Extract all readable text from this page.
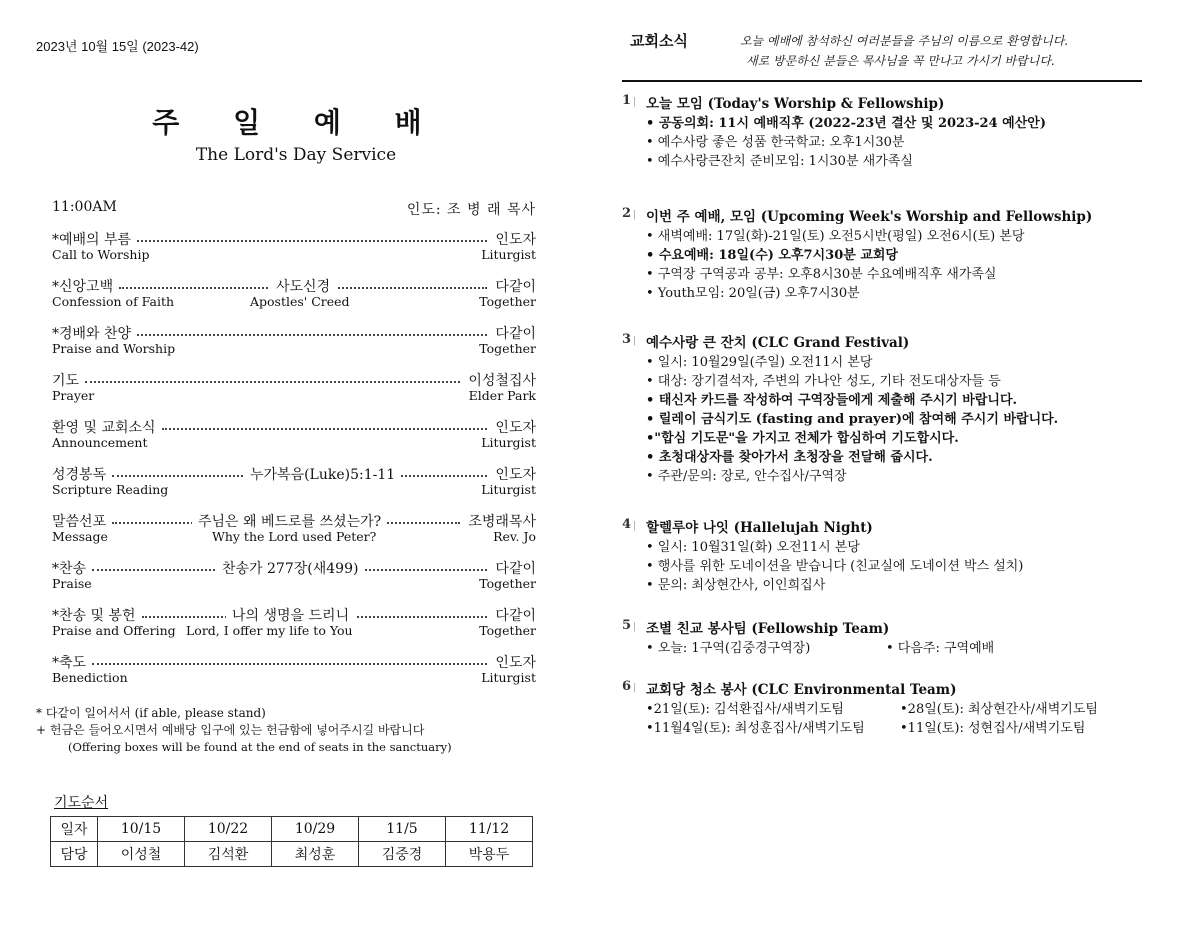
2023년 10월 15일 (2023-42)
주 일 예 배
The Lord's Day Service
11:00AM	인도: 조 병 래 목사
*예배의 부름	인도자
Call to Worship	Liturgist
*신앙고백	사도신경	다같이
Confession of Faith	Apostles' Creed	Together
*경배와 찬양	다같이
Praise and Worship	Together
기도	이성철집사
Prayer	Elder Park
환영 및 교회소식	인도자
Announcement	Liturgist
성경봉독	누가복음(Luke)5:1-11	인도자
Scripture Reading	Liturgist
말씀선포	주님은 왜 베드로를 쓰셨는가?	조병래목사
Message	Why the Lord used Peter?	Rev. Jo
*찬송	찬송가 277장(새499)	다같이
Praise	Together
*찬송 및 봉헌	나의 생명을 드리니	다같이
Praise and Offering Lord, I offer my life to You	Together
*축도	인도자
Benediction	Liturgist
* 다같이 일어서서 (if able, please stand)
+ 헌금은 들어오시면서 예배당 입구에 있는 헌금함에 넣어주시길 바랍니다
(Offering boxes will be found at the end of seats in the sanctuary)
기도순서
일자	10/15	10/22	10/29	11/5	11/12
담당	이성철	김석환	최성훈	김중경	박용두
교회소식	오늘 예배에 참석하신 여러분들을 주님의 이름으로 환영합니다.
새로 방문하신 분들은 목사님을 꼭 만나고 가시기 바랍니다.
1 | 오늘 모임 (Today's Worship & Fellowship)
• 공동의회: 11시 예배직후 (2022-23년 결산 및 2023-24 예산안)
• 예수사랑 좋은 성품 한국학교: 오후1시30분
• 예수사랑큰잔치 준비모임: 1시30분 새가족실
2 | 이번 주 예배, 모임 (Upcoming Week's Worship and Fellowship)
• 새벽예배: 17일(화)-21일(토) 오전5시반(평일) 오전6시(토) 본당
• 수요예배: 18일(수) 오후7시30분 교회당
• 구역장 구역공과 공부: 오후8시30분 수요예배직후 새가족실
• Youth모임: 20일(금) 오후7시30분
3 | 예수사랑 큰 잔치 (CLC Grand Festival)
• 일시: 10월29일(주일) 오전11시 본당
• 대상: 장기결석자, 주변의 가나안 성도, 기타 전도대상자들 등
• 태신자 카드를 작성하여 구역장들에게 제출해 주시기 바랍니다.
• 릴레이 금식기도 (fasting and prayer)에 참여해 주시기 바랍니다.
•"합심 기도문"을 가지고 전체가 합심하여 기도합시다.
• 초청대상자를 찾아가서 초청장을 전달해 줍시다.
• 주관/문의: 장로, 안수집사/구역장
4 | 할렐루야 나잇 (Hallelujah Night)
• 일시: 10월31일(화) 오전11시 본당
• 행사를 위한 도네이션을 받습니다 (친교실에 도네이션 박스 설치)
• 문의: 최상현간사, 이인희집사
5 | 조별 친교 봉사팀 (Fellowship Team)
• 오늘: 1구역(김중경구역장)	• 다음주: 구역예배
6 | 교회당 청소 봉사 (CLC Environmental Team)
•21일(토): 김석환집사/새벽기도팀	•28일(토): 최상현간사/새벽기도팀
•11월4일(토): 최성훈집사/새벽기도팀	•11일(토): 성현집사/새벽기도팀
